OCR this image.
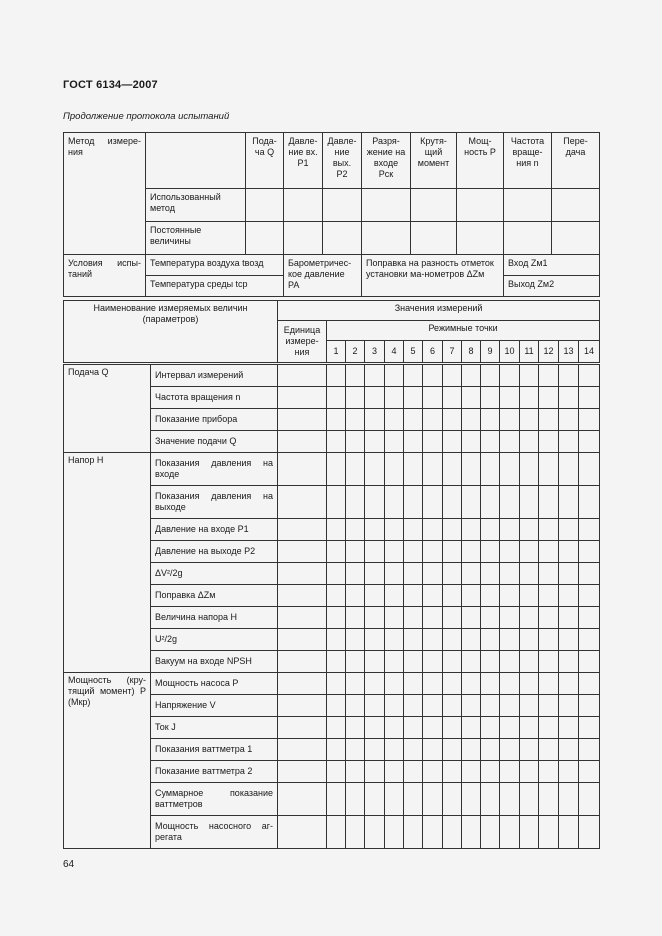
ГОСТ 6134—2007
Продолжение протокола испытаний
Метод измере-ния		Пода-ча Q	Давле-ние вх. P1	Давле-ние вых. P2	Разря-жение на входе Pск	Крутя-щий момент	Мощ-ность P	Частота враще-ния n	Пере-дача
	Использованный метод								
	Постоянные величины								
Условия испы-таний	Температура воздуха tвозд		Барометричес-кое давление PA		Поправка на разность отметок установки ма-нометров ΔZм			Вход Zм1	
	Температура среды tср							Выход Zм2	
Наименование измеряемых величин (параметров)	Значения измерений														
	Единица измере-ния	Режимные точки													
		1	2	3	4	5	6	7	8	9	10	11	12	13	14
Подача Q	Интервал измерений															
	Частота вращения n															
	Показание прибора															
	Значение подачи Q															
Напор H	Показания давления на входе															
	Показания давления на выходе															
	Давление на входе P1															
	Давление на выходе P2															
	ΔV²/2g															
	Поправка ΔZм															
	Величина напора H															
	U²/2g															
	Вакуум на входе NPSH															
Мощность (кру-тящий момент) P (Mкр)	Мощность насоса P															
	Напряжение V															
	Ток J															
	Показания ваттметра 1															
	Показание ваттметра 2															
	Суммарное показание ваттметров															
	Мощность насосного аг-регата															
64
